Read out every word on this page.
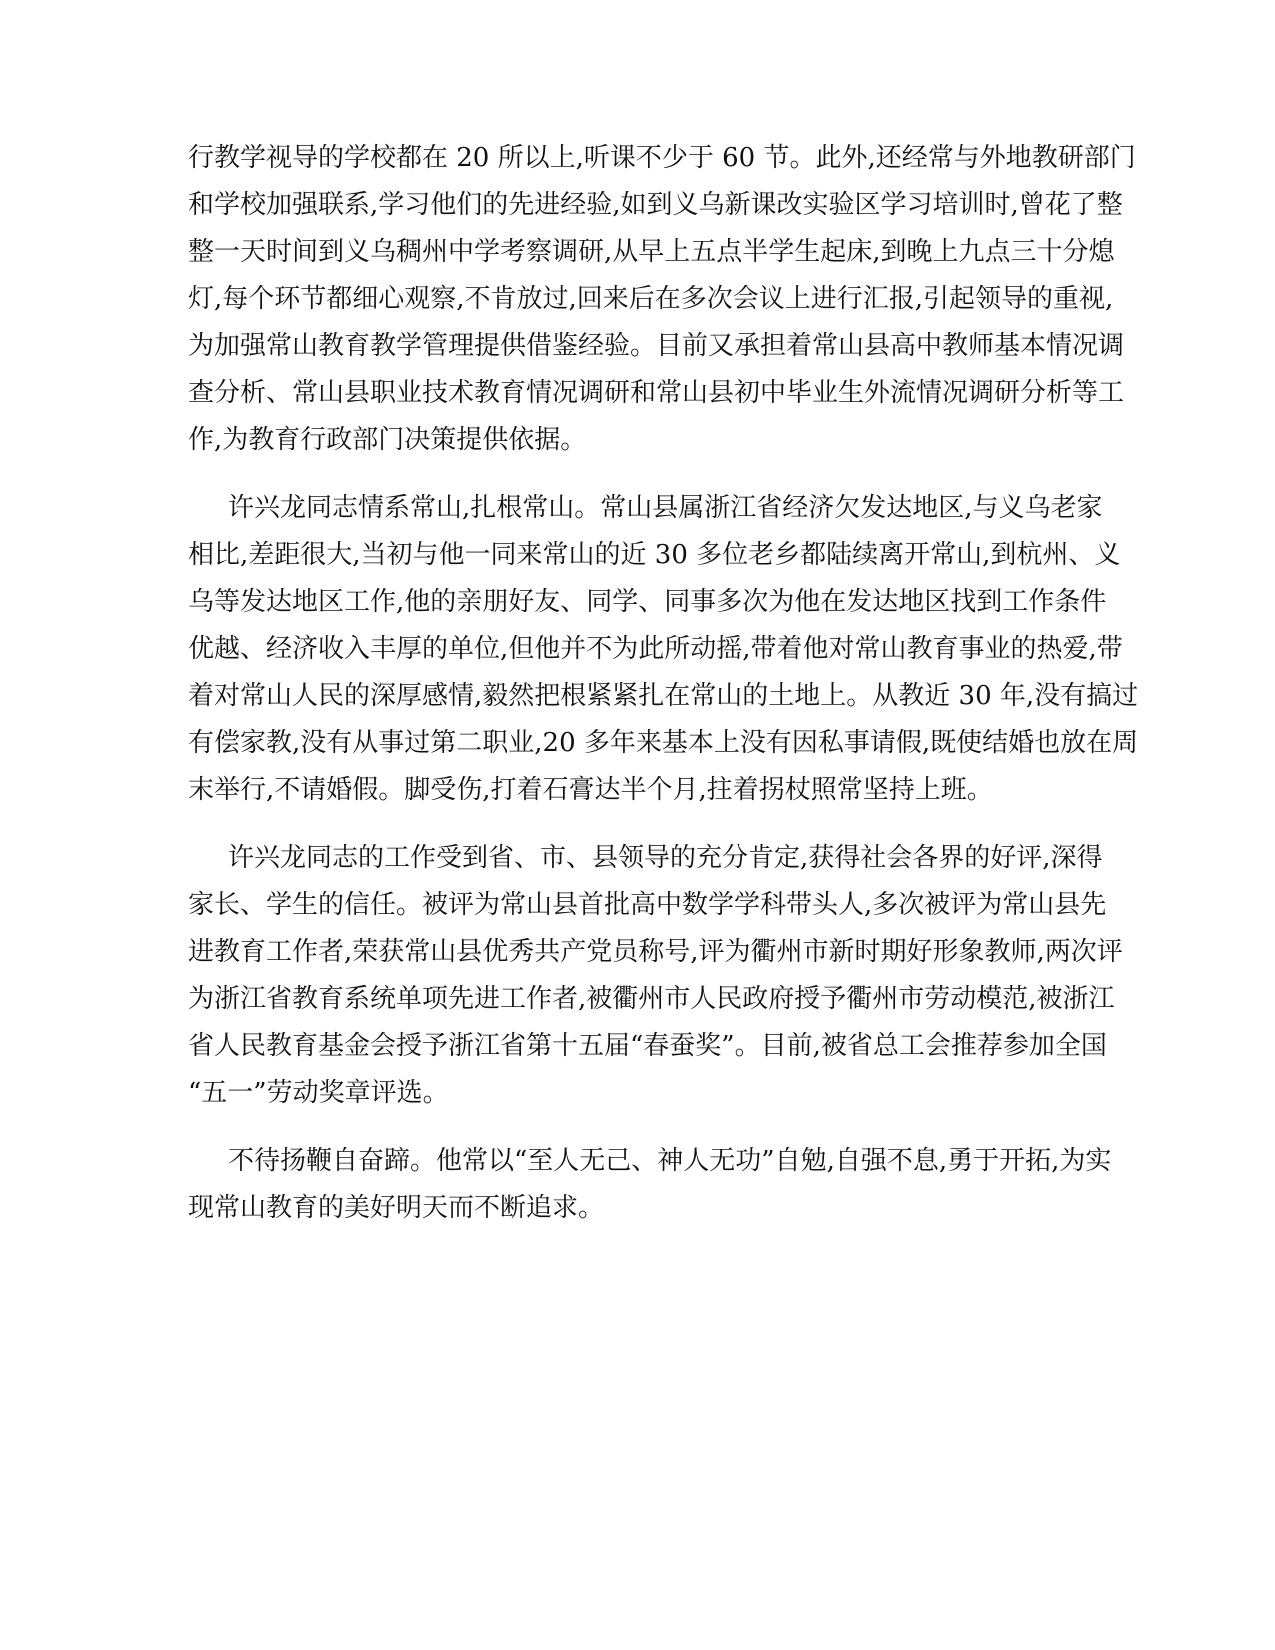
行教学视导的学校都在 20 所以上,听课不少于 60 节。此外,还经常与外地教研部门
和学校加强联系,学习他们的先进经验,如到义乌新课改实验区学习培训时,曾花了整
整一天时间到义乌稠州中学考察调研,从早上五点半学生起床,到晚上九点三十分熄
灯,每个环节都细心观察,不肯放过,回来后在多次会议上进行汇报,引起领导的重视,
为加强常山教育教学管理提供借鉴经验。目前又承担着常山县高中教师基本情况调
查分析、常山县职业技术教育情况调研和常山县初中毕业生外流情况调研分析等工
作,为教育行政部门决策提供依据。
许兴龙同志情系常山,扎根常山。常山县属浙江省经济欠发达地区,与义乌老家
相比,差距很大,当初与他一同来常山的近 30 多位老乡都陆续离开常山,到杭州、义
乌等发达地区工作,他的亲朋好友、同学、同事多次为他在发达地区找到工作条件
优越、经济收入丰厚的单位,但他并不为此所动摇,带着他对常山教育事业的热爱,带
着对常山人民的深厚感情,毅然把根紧紧扎在常山的土地上。从教近 30 年,没有搞过
有偿家教,没有从事过第二职业,20 多年来基本上没有因私事请假,既使结婚也放在周
末举行,不请婚假。脚受伤,打着石膏达半个月,拄着拐杖照常坚持上班。
许兴龙同志的工作受到省、市、县领导的充分肯定,获得社会各界的好评,深得
家长、学生的信任。被评为常山县首批高中数学学科带头人,多次被评为常山县先
进教育工作者,荣获常山县优秀共产党员称号,评为衢州市新时期好形象教师,两次评
为浙江省教育系统单项先进工作者,被衢州市人民政府授予衢州市劳动模范,被浙江
省人民教育基金会授予浙江省第十五届“春蚕奖”。目前,被省总工会推荐参加全国
“五一”劳动奖章评选。
不待扬鞭自奋蹄。他常以“至人无己、神人无功”自勉,自强不息,勇于开拓,为实
现常山教育的美好明天而不断追求。
